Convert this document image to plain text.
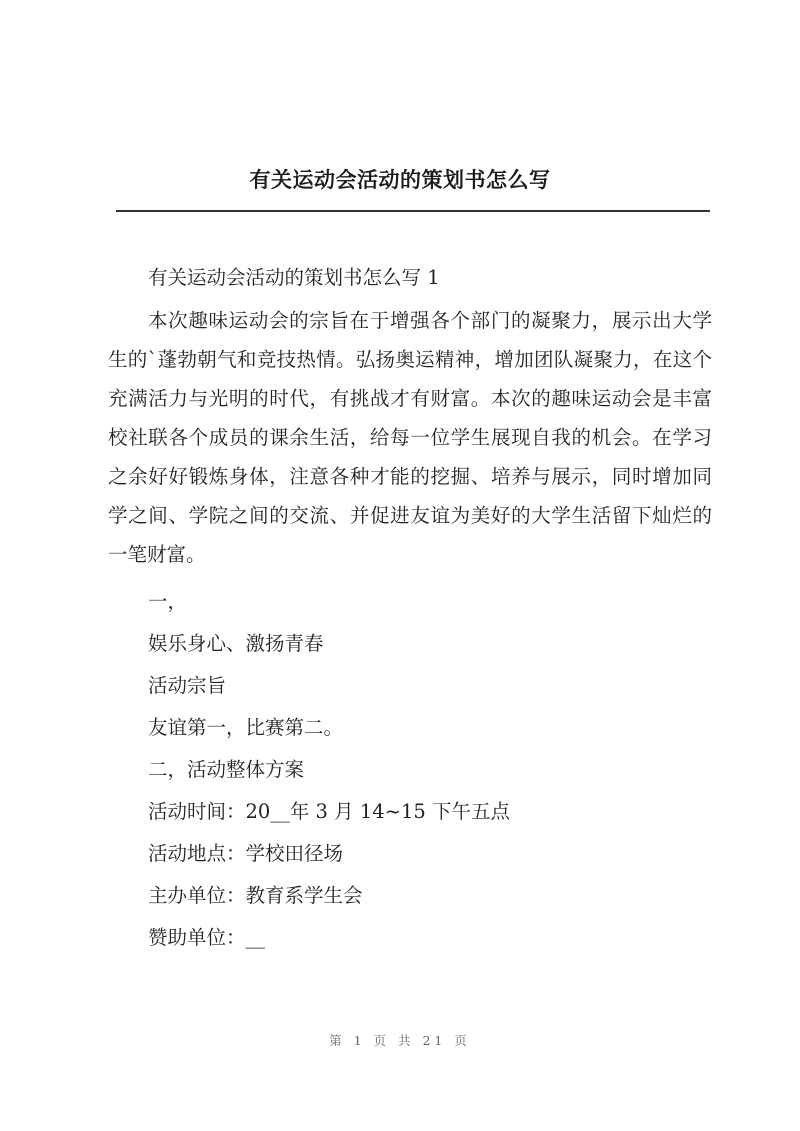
有关运动会活动的策划书怎么写
有关运动会活动的策划书怎么写 1

本次趣味运动会的宗旨在于增强各个部门的凝聚力，展示出大学生的`蓬勃朝气和竞技热情。弘扬奥运精神，增加团队凝聚力，在这个充满活力与光明的时代，有挑战才有财富。本次的趣味运动会是丰富校社联各个成员的课余生活，给每一位学生展现自我的机会。在学习之余好好锻炼身体，注意各种才能的挖掘、培养与展示，同时增加同学之间、学院之间的交流、并促进友谊为美好的大学生活留下灿烂的一笔财富。

一，
娱乐身心、激扬青春
活动宗旨
友谊第一，比赛第二。
二，活动整体方案
活动时间：20__年 3 月 14~15 下午五点
活动地点：学校田径场
主办单位：教育系学生会
赞助单位：__
第 1 页 共 21 页
